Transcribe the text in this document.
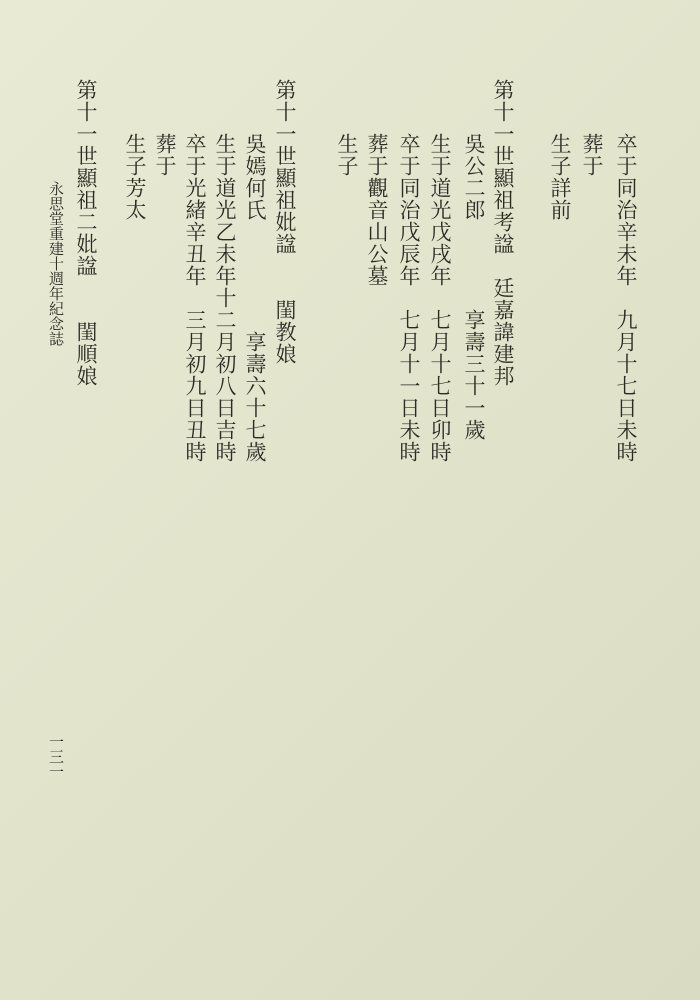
卒于同治辛未年　九月十七日未時
葬于
生子詳前
第十一世顯祖考諡　廷嘉諱建邦
吳公二郎　　　　享壽三十一歲
生于道光戊戌年　七月十七日卯時
卒于同治戊辰年　七月十一日未時
葬于觀音山公墓
生子
第十一世顯祖妣諡　　閨教娘
吳嫣何氏　　　　　享壽六十七歲
生于道光乙未年十二月初八日吉時
卒于光緒辛丑年　三月初九日丑時
葬于
生子芳太
第十一世顯祖二妣諡　　閨順娘
永思堂重建十週年紀念誌
一三一
